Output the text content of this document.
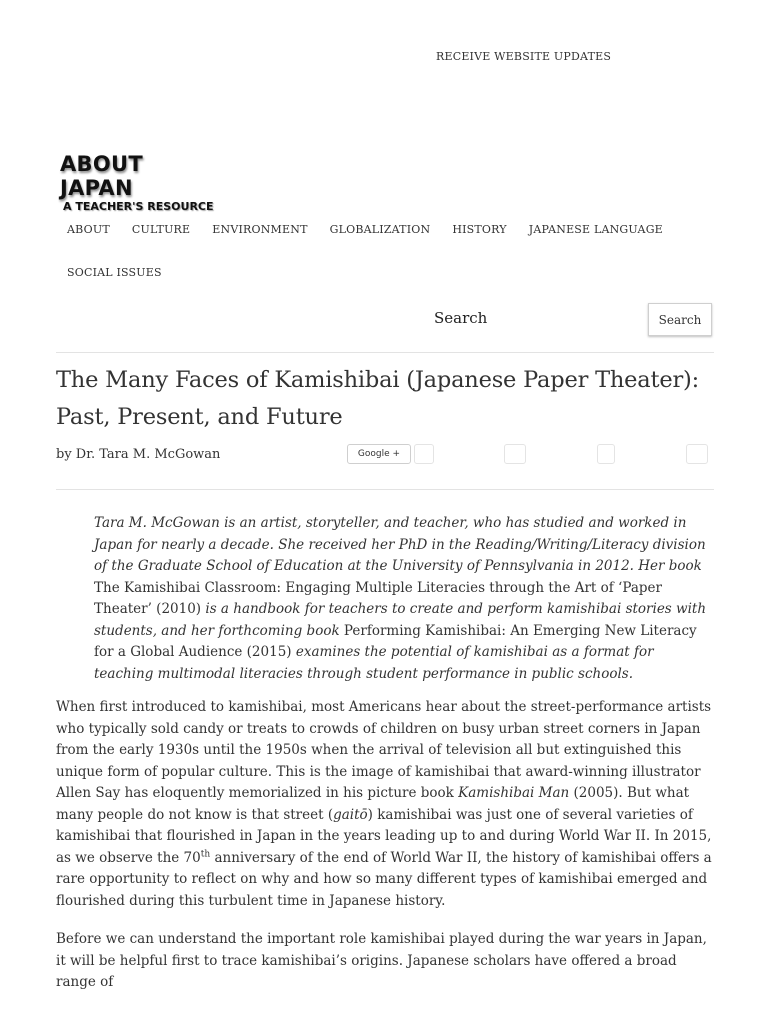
RECEIVE WEBSITE UPDATES
ABOUT JAPAN
A TEACHER'S RESOURCE
ABOUT	CULTURE	ENVIRONMENT	GLOBALIZATION	HISTORY	JAPANESE LANGUAGE
SOCIAL ISSUES
Search	Search
The Many Faces of Kamishibai (Japanese Paper Theater): Past, Present, and Future
by Dr. Tara M. McGowan	Google +

Tara M. McGowan is an artist, storyteller, and teacher, who has studied and worked in Japan for nearly a decade. She received her PhD in the Reading/Writing/Literacy division of the Graduate School of Education at the University of Pennsylvania in 2012. Her book The Kamishibai Classroom: Engaging Multiple Literacies through the Art of ‘Paper Theater’ (2010) is a handbook for teachers to create and perform kamishibai stories with students, and her forthcoming book Performing Kamishibai: An Emerging New Literacy for a Global Audience (2015) examines the potential of kamishibai as a format for teaching multimodal literacies through student performance in public schools.

When first introduced to kamishibai, most Americans hear about the street-performance artists who typically sold candy or treats to crowds of children on busy urban street corners in Japan from the early 1930s until the 1950s when the arrival of television all but extinguished this unique form of popular culture. This is the image of kamishibai that award-winning illustrator Allen Say has eloquently memorialized in his picture book Kamishibai Man (2005). But what many people do not know is that street (gaitō) kamishibai was just one of several varieties of kamishibai that flourished in Japan in the years leading up to and during World War II. In 2015, as we observe the 70th anniversary of the end of World War II, the history of kamishibai offers a rare opportunity to reflect on why and how so many different types of kamishibai emerged and flourished during this turbulent time in Japanese history.

Before we can understand the important role kamishibai played during the war years in Japan, it will be helpful first to trace kamishibai’s origins. Japanese scholars have offered a broad range of
